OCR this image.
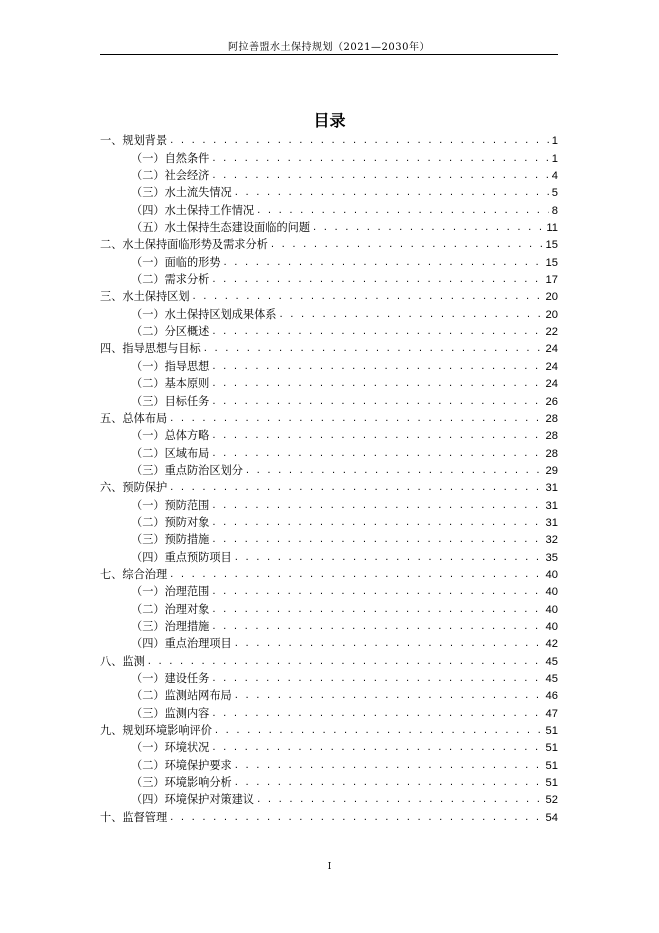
阿拉善盟水土保持规划（2021—2030年）
目录
一、规划背景 . . .	1
（一）自然条件 . . .	1
（二）社会经济 . . .	4
（三）水土流失情况 . . .	5
（四）水土保持工作情况 . . .	8
（五）水土保持生态建设面临的问题 . . .	11
二、水土保持面临形势及需求分析 . . .	15
（一）面临的形势 . . .	15
（二）需求分析 . . .	17
三、水土保持区划 . . .	20
（一）水土保持区划成果体系 . . .	20
（二）分区概述 . . .	22
四、指导思想与目标 . . .	24
（一）指导思想 . . .	24
（二）基本原则 . . .	24
（三）目标任务 . . .	26
五、总体布局 . . .	28
（一）总体方略 . . .	28
（二）区域布局 . . .	28
（三）重点防治区划分 . . .	29
六、预防保护 . . .	31
（一）预防范围 . . .	31
（二）预防对象 . . .	31
（三）预防措施 . . .	32
（四）重点预防项目 . . .	35
七、综合治理 . . .	40
（一）治理范围 . . .	40
（二）治理对象 . . .	40
（三）治理措施 . . .	40
（四）重点治理项目 . . .	42
八、监测 . . .	45
（一）建设任务 . . .	45
（二）监测站网布局 . . .	46
（三）监测内容 . . .	47
九、规划环境影响评价 . . .	51
（一）环境状况 . . .	51
（二）环境保护要求 . . .	51
（三）环境影响分析 . . .	51
（四）环境保护对策建议 . . .	52
十、监督管理 . . .	54
I
